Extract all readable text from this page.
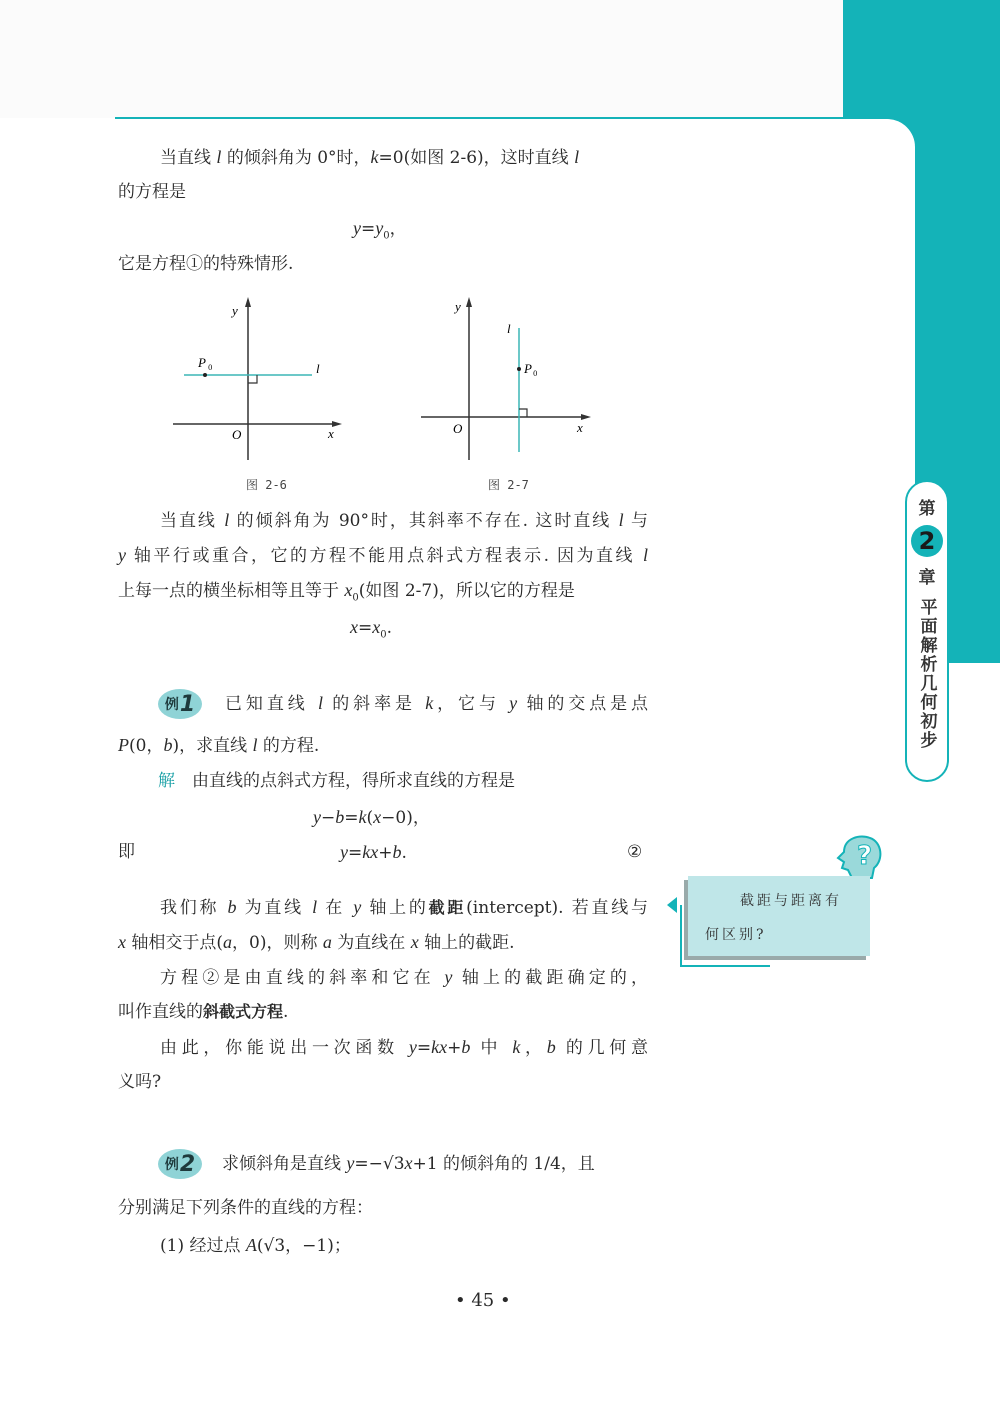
当直线 l 的倾斜角为 0°时，k=0(如图 2-6)，这时直线 l
的方程是
$y=y_0$，
它是方程①的特殊情形.
当直线 l 的倾斜角为 90°时，其斜率不存在. 这时直线 l 与
y 轴平行或重合，它的方程不能用点斜式方程表示. 因为直线 l
上每一点的横坐标相等且等于 $x_0$(如图 2-7)，所以它的方程是
$x=x_0$.
已知直线 l 的斜率是 k，它与 y 轴的交点是点
P(0，b)，求直线 l 的方程.
解　由直线的点斜式方程，得所求直线的方程是
y−b=k(x−0)，
即	y=kx+b.	②
我们称 b 为直线 l 在 y 轴上的截距(intercept). 若直线与
x 轴相交于点(a，0)，则称 a 为直线在 x 轴上的截距.
方程②是由直线的斜率和它在 y 轴上的截距确定的，
叫作直线的斜截式方程.
由此，你能说出一次函数 y=kx+b 中 k，b 的几何意
义吗?
求倾斜角是直线 y=−√3x+1 的倾斜角的 1/4，且
分别满足下列条件的直线的方程：
(1) 经过点 A(√3，−1)；
y
x
O
P 0	l
图 2-6
y
x
O
P 0
l
图 2-7
例 1
例 2
第
2
章
平面解析几何初步
?
截距与距离有
何区别?
• 45 •
